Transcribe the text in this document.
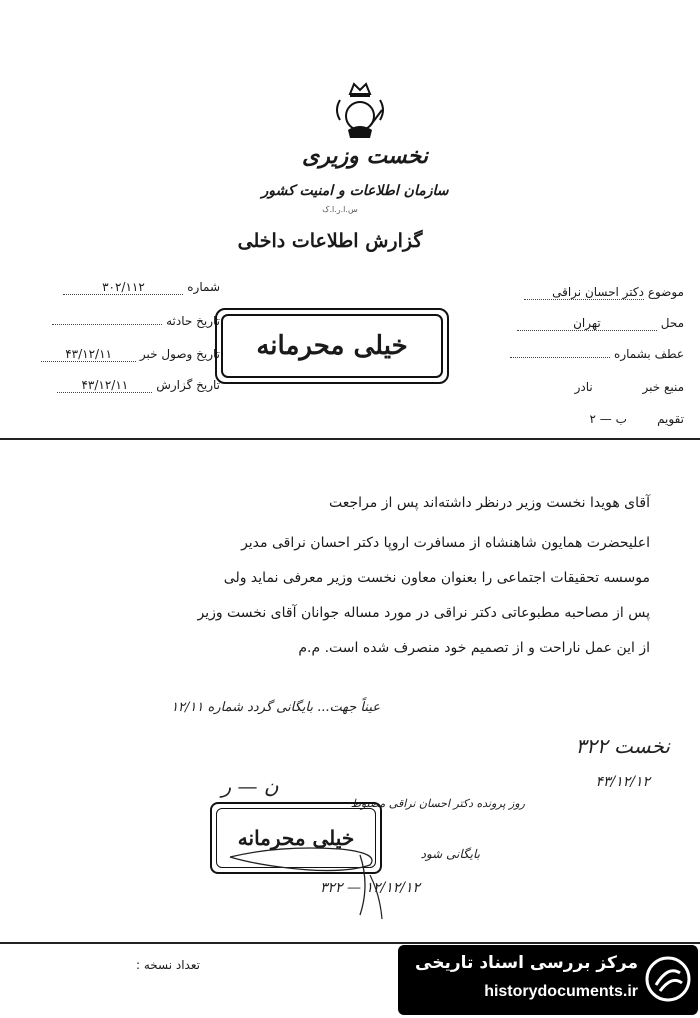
نخست وزیری
سازمان اطلاعات و امنیت کشور
س.ا.ر.ا.ک
گزارش اطلاعات داخلی
شماره ۳۰۲/۱۱۲
تاریخ حادثه
تاریخ وصول خبر ۴۳/۱۲/۱۱
تاریخ گزارش ۴۳/۱۲/۱۱
خیلی محرمانه
موضوع دکتر احسان نراقی
محل تهران
عطف بشماره
منبع خبر نادر
تقویم ب — ۲
آقای هویدا نخست وزیر درنظر داشته‌اند پس از مراجعت
اعلیحضرت همایون شاهنشاه از مسافرت اروپا دکتر احسان نراقی مدیر
موسسه تحقیقات اجتماعی را بعنوان معاون نخست وزیر معرفی نماید ولی
پس از مصاحبه مطبوعاتی دکتر نراقی در مورد مساله جوانان آقای نخست وزیر
از این عمل ناراحت و از تصمیم خود منصرف شده است. م.م
عیناً جهت... بایگانی گردد شماره ۱۲/۱۱
نخست ۳۲۲
۴۳/۱۲/۱۲
ن — ر
روز پرونده دکتر احسان نراقی مضبوط
بایگانی شود
خیلی محرمانه
۳۲۲ — ۱۲/۱۲/۱۲
تعداد نسخه :	مرکز بررسی اسناد تاریخی
historydocuments.ir
